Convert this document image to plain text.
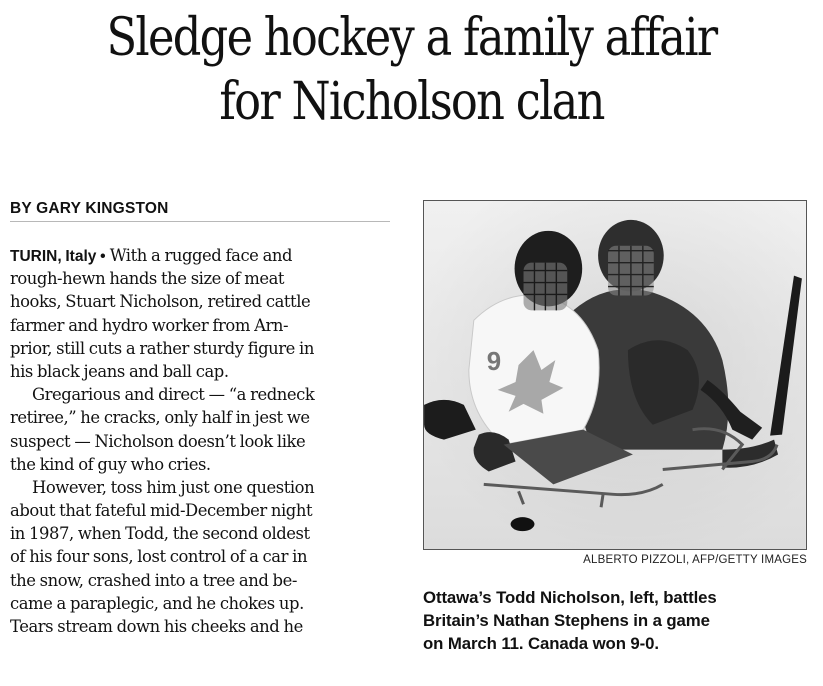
Sledge hockey a family affair
for Nicholson clan
BY GARY KINGSTON
TURIN, Italy • With a rugged face and
rough-hewn hands the size of meat
hooks, Stuart Nicholson, retired cattle
farmer and hydro worker from Arn-
prior, still cuts a rather sturdy figure in
his black jeans and ball cap.
Gregarious and direct — “a redneck
retiree,” he cracks, only half in jest we
suspect — Nicholson doesn’t look like
the kind of guy who cries.
However, toss him just one question
about that fateful mid-December night
in 1987, when Todd, the second oldest
of his four sons, lost control of a car in
the snow, crashed into a tree and be-
came a paraplegic, and he chokes up.
Tears stream down his cheeks and he
9
ALBERTO PIZZOLI, AFP/GETTY IMAGES
Ottawa’s Todd Nicholson, left, battles
Britain’s Nathan Stephens in a game
on March 11. Canada won 9-0.
